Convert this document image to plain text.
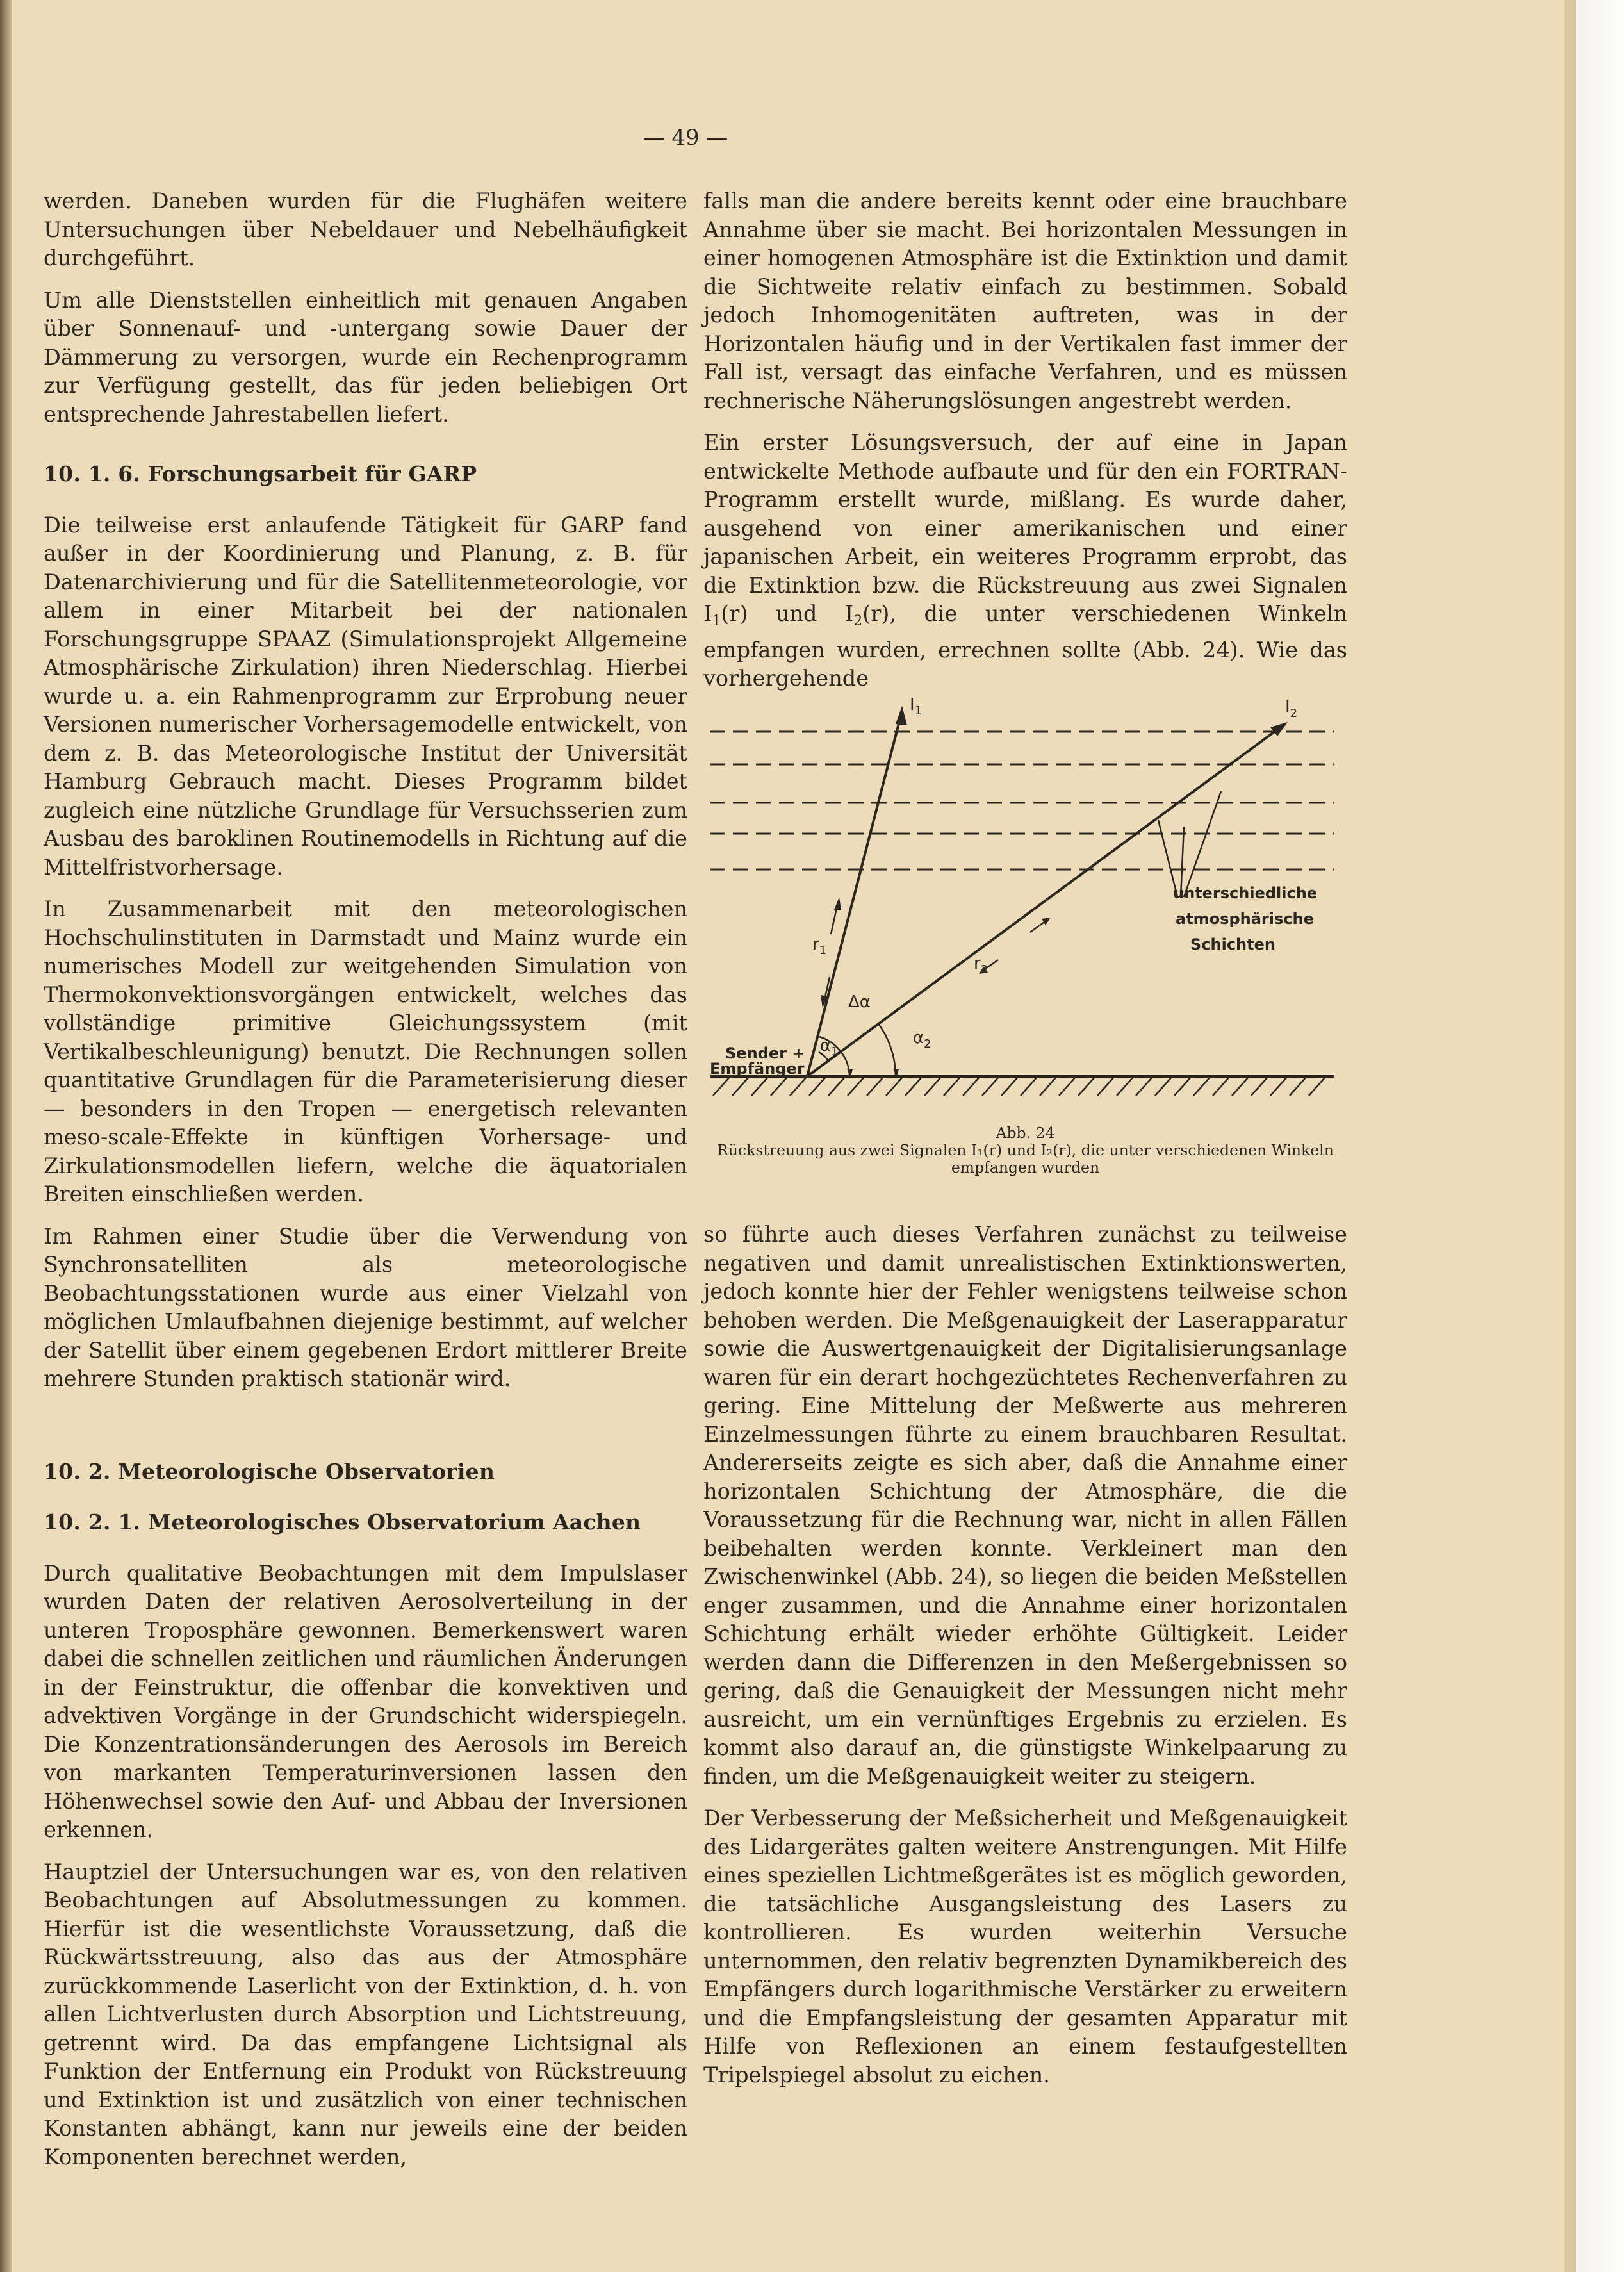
— 49 —

werden. Daneben wurden für die Flughäfen weitere Untersuchungen über Nebeldauer und Nebelhäufigkeit durchgeführt.

Um alle Dienststellen einheitlich mit genauen Angaben über Sonnenauf- und -untergang sowie Dauer der Dämmerung zu versorgen, wurde ein Rechenprogramm zur Verfügung gestellt, das für jeden beliebigen Ort entsprechende Jahrestabellen liefert.

10. 1. 6. Forschungsarbeit für GARP

Die teilweise erst anlaufende Tätigkeit für GARP fand außer in der Koordinierung und Planung, z. B. für Datenarchivierung und für die Satellitenmeteorologie, vor allem in einer Mitarbeit bei der nationalen Forschungsgruppe SPAAZ (Simulationsprojekt Allgemeine Atmosphärische Zirkulation) ihren Niederschlag. Hierbei wurde u. a. ein Rahmenprogramm zur Erprobung neuer Versionen numerischer Vorhersagemodelle entwickelt, von dem z. B. das Meteorologische Institut der Universität Hamburg Gebrauch macht. Dieses Programm bildet zugleich eine nützliche Grundlage für Versuchsserien zum Ausbau des baroklinen Routinemodells in Richtung auf die Mittelfristvorhersage.

In Zusammenarbeit mit den meteorologischen Hochschulinstituten in Darmstadt und Mainz wurde ein numerisches Modell zur weitgehenden Simulation von Thermokonvektionsvorgängen entwickelt, welches das vollständige primitive Gleichungssystem (mit Vertikalbeschleunigung) benutzt. Die Rechnungen sollen quantitative Grundlagen für die Parameterisierung dieser — besonders in den Tropen — energetisch relevanten meso-scale-Effekte in künftigen Vorhersage- und Zirkulationsmodellen liefern, welche die äquatorialen Breiten einschließen werden.

Im Rahmen einer Studie über die Verwendung von Synchronsatelliten als meteorologische Beobachtungsstationen wurde aus einer Vielzahl von möglichen Umlaufbahnen diejenige bestimmt, auf welcher der Satellit über einem gegebenen Erdort mittlerer Breite mehrere Stunden praktisch stationär wird.

10. 2. Meteorologische Observatorien
10. 2. 1. Meteorologisches Observatorium Aachen

Durch qualitative Beobachtungen mit dem Impulslaser wurden Daten der relativen Aerosolverteilung in der unteren Troposphäre gewonnen. Bemerkenswert waren dabei die schnellen zeitlichen und räumlichen Änderungen in der Feinstruktur, die offenbar die konvektiven und advektiven Vorgänge in der Grundschicht widerspiegeln. Die Konzentrationsänderungen des Aerosols im Bereich von markanten Temperaturinversionen lassen den Höhenwechsel sowie den Auf- und Abbau der Inversionen erkennen.

Hauptziel der Untersuchungen war es, von den relativen Beobachtungen auf Absolutmessungen zu kommen. Hierfür ist die wesentlichste Voraussetzung, daß die Rückwärtsstreuung, also das aus der Atmosphäre zurückkommende Laserlicht von der Extinktion, d. h. von allen Lichtverlusten durch Absorption und Lichtstreuung, getrennt wird. Da das empfangene Lichtsignal als Funktion der Entfernung ein Produkt von Rückstreuung und Extinktion ist und zusätzlich von einer technischen Konstanten abhängt, kann nur jeweils eine der beiden Komponenten berechnet werden,

falls man die andere bereits kennt oder eine brauchbare Annahme über sie macht. Bei horizontalen Messungen in einer homogenen Atmosphäre ist die Extinktion und damit die Sichtweite relativ einfach zu bestimmen. Sobald jedoch Inhomogenitäten auftreten, was in der Horizontalen häufig und in der Vertikalen fast immer der Fall ist, versagt das einfache Verfahren, und es müssen rechnerische Näherungslösungen angestrebt werden.

Ein erster Lösungsversuch, der auf eine in Japan entwickelte Methode aufbaute und für den ein FORTRAN-Programm erstellt wurde, mißlang. Es wurde daher, ausgehend von einer amerikanischen und einer japanischen Arbeit, ein weiteres Programm erprobt, das die Extinktion bzw. die Rückstreuung aus zwei Signalen $I_1(r)$ und $I_2(r)$, die unter verschiedenen Winkeln empfangen wurden, errechnen sollte (Abb. 24). Wie das vorhergehende

$I_1$	$I_2$
$r_1$
$r_2$
Δα
$\alpha_1$
$\alpha_2$
Sender +
Empfänger
unterschiedliche
atmosphärische
Schichten
Abb. 24
Rückstreuung aus zwei Signalen I₁(r) und I₂(r), die unter verschiedenen Winkeln empfangen wurden

so führte auch dieses Verfahren zunächst zu teilweise negativen und damit unrealistischen Extinktionswerten, jedoch konnte hier der Fehler wenigstens teilweise schon behoben werden. Die Meßgenauigkeit der Laserapparatur sowie die Auswertgenauigkeit der Digitalisierungsanlage waren für ein derart hochgezüchtetes Rechenverfahren zu gering. Eine Mittelung der Meßwerte aus mehreren Einzelmessungen führte zu einem brauchbaren Resultat. Andererseits zeigte es sich aber, daß die Annahme einer horizontalen Schichtung der Atmosphäre, die die Voraussetzung für die Rechnung war, nicht in allen Fällen beibehalten werden konnte. Verkleinert man den Zwischenwinkel (Abb. 24), so liegen die beiden Meßstellen enger zusammen, und die Annahme einer horizontalen Schichtung erhält wieder erhöhte Gültigkeit. Leider werden dann die Differenzen in den Meßergebnissen so gering, daß die Genauigkeit der Messungen nicht mehr ausreicht, um ein vernünftiges Ergebnis zu erzielen. Es kommt also darauf an, die günstigste Winkelpaarung zu finden, um die Meßgenauigkeit weiter zu steigern.

Der Verbesserung der Meßsicherheit und Meßgenauigkeit des Lidargerätes galten weitere Anstrengungen. Mit Hilfe eines speziellen Lichtmeßgerätes ist es möglich geworden, die tatsächliche Ausgangsleistung des Lasers zu kontrollieren. Es wurden weiterhin Versuche unternommen, den relativ begrenzten Dynamikbereich des Empfängers durch logarithmische Verstärker zu erweitern und die Empfangsleistung der gesamten Apparatur mit Hilfe von Reflexionen an einem festaufgestellten Tripelspiegel absolut zu eichen.
